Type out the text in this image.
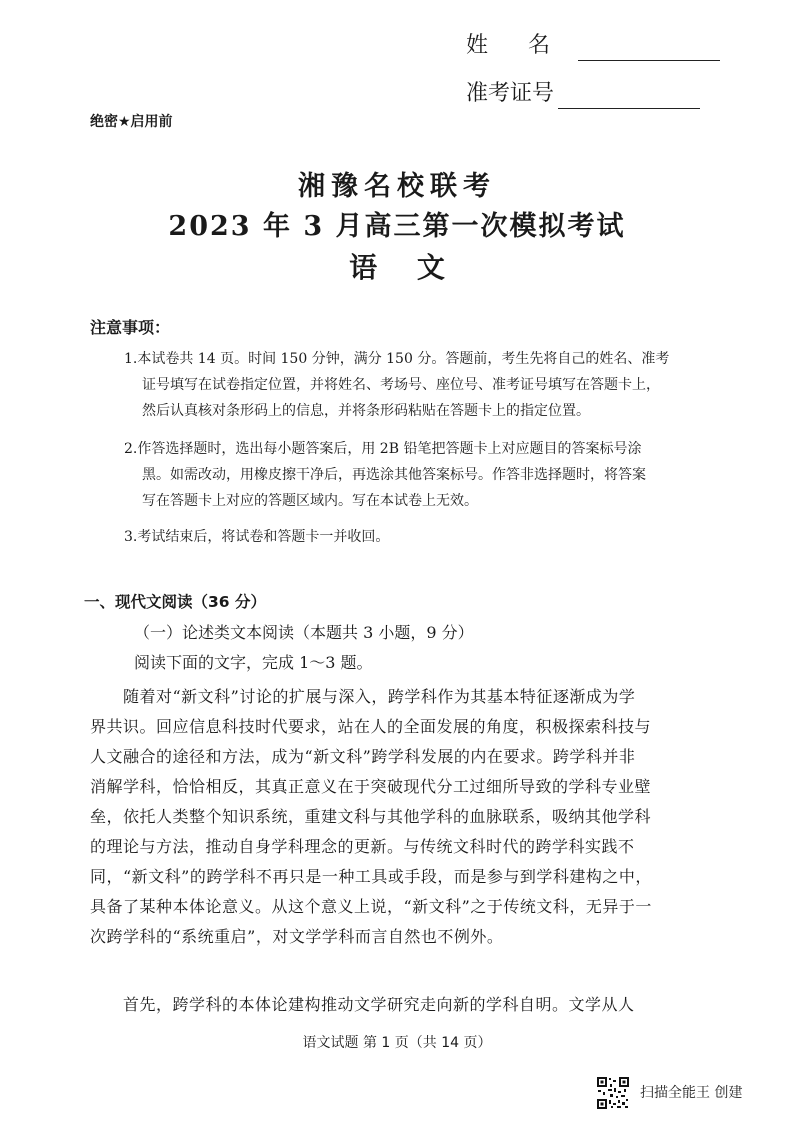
姓名
准考证号
绝密★启用前
湘豫名校联考
2023 年 3 月高三第一次模拟考试
语 文
注意事项：
1.本试卷共 14 页。时间 150 分钟，满分 150 分。答题前，考生先将自己的姓名、准考
证号填写在试卷指定位置，并将姓名、考场号、座位号、准考证号填写在答题卡上，
然后认真核对条形码上的信息，并将条形码粘贴在答题卡上的指定位置。
2.作答选择题时，选出每小题答案后，用 2B 铅笔把答题卡上对应题目的答案标号涂
黑。如需改动，用橡皮擦干净后，再选涂其他答案标号。作答非选择题时，将答案
写在答题卡上对应的答题区域内。写在本试卷上无效。
3.考试结束后，将试卷和答题卡一并收回。
一、现代文阅读（36 分）
（一）论述类文本阅读（本题共 3 小题，9 分）
阅读下面的文字，完成 1～3 题。
　　随着对“新文科”讨论的扩展与深入，跨学科作为其基本特征逐渐成为学
界共识。回应信息科技时代要求，站在人的全面发展的角度，积极探索科技与
人文融合的途径和方法，成为“新文科”跨学科发展的内在要求。跨学科并非
消解学科，恰恰相反，其真正意义在于突破现代分工过细所导致的学科专业壁
垒，依托人类整个知识系统，重建文科与其他学科的血脉联系，吸纳其他学科
的理论与方法，推动自身学科理念的更新。与传统文科时代的跨学科实践不
同，“新文科”的跨学科不再只是一种工具或手段，而是参与到学科建构之中，
具备了某种本体论意义。从这个意义上说，“新文科”之于传统文科，无异于一
次跨学科的“系统重启”，对文学学科而言自然也不例外。
　　首先，跨学科的本体论建构推动文学研究走向新的学科自明。文学从人
语文试题 第 1 页（共 14 页）
扫描全能王 创建
